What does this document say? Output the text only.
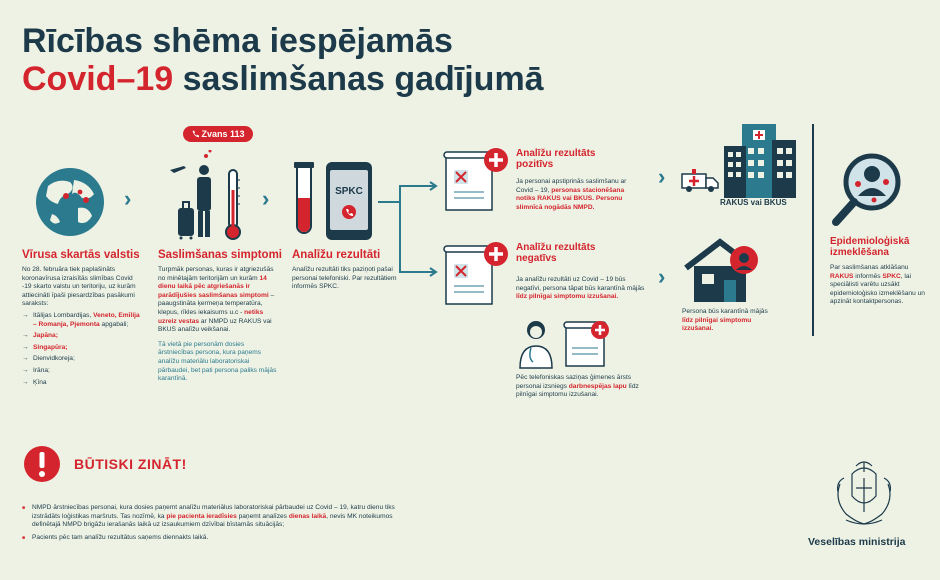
Rīcības shēma iespējamās
Covid–19 saslimšanas gadījumā
›
Vīrusa skartās valstis
No 28. februāra tiek paplašināts koronavīrusa izraisītās slimības Covid -19 skarto valstu un teritoriju, uz kurām attiecināti īpaši piesardzības pasākumi saraksts:
→ Itālijas Lombardijas, Veneto, Emīlija – Romanja, Pjemonta apgabali;
→ Japāna;
→ Singapūra;
→ Dienvidkoreja;
→ Irāna;
→ Ķīna
Zvans 113
›
Saslimšanas simptomi
Turpmāk personas, kuras ir atgriezušās no minētajām teritorijām un kurām 14 dienu laikā pēc atgriešanās ir parādījušies saslimšanas simptomi – paaugstināta ķermeņa temperatūra, klepus, rīkles iekaisums u.c - netiks uzreiz vestas ar NMPD uz RAKUS vai BKUS analīžu veikšanai.
Tā vietā pie personām dosies ārstniecības persona, kura paņems analīžu materiālu laboratoriskai pārbaudei, bet pati persona paliks mājās karantīnā.
SPKC
Analīžu rezultāti
Analīžu rezultāti tiks paziņoti pašai personai telefoniski. Par rezultātiem informēs SPKC.
Analīžu rezultāts pozitīvs
Ja personai apstiprinās saslimšanu ar Covid – 19, personas stacionēšana notiks RAKUS vai BKUS. Personu slimnīcā nogādās NMPD.
›
RAKUS vai BKUS
Analīžu rezultāts negatīvs
Ja analīžu rezultāti uz Covid – 19 būs negatīvi, persona tāpat būs karantīnā mājās līdz pilnīgai simptomu izzušanai.
Pēc telefoniskas saziņas ģimenes ārsts personai izsniegs darbnespējas lapu līdz pilnīgai simptomu izzušanai.
›
Persona būs karantīnā mājās līdz pilnīgai simptomu izzušanai.
Epidemioloģiskā izmeklēšana
Par saslimšanas atklāšanu RAKUS informēs SPKC, lai speciālisti varētu uzsākt epidemioloģisko izmeklēšanu un apzināt kontaktpersonas.
BŪTISKI ZINĀT!
■ NMPD ārstniecības personai, kura dosies paņemt analīžu materiālus laboratoriskai pārbaudei uz Covid – 19, katru dienu tiks izstrādāts loģistikas maršruts. Tas nozīmē, ka pie pacienta ieradīsies paņemt analīzes dienas laikā, nevis MK noteikumos definētajā NMPD brigāžu ierašanās laikā uz izsaukumiem dzīvībai bīstamās situācijās;
■ Pacients pēc tam analīžu rezultātus saņems diennakts laikā.	Veselības ministrija
